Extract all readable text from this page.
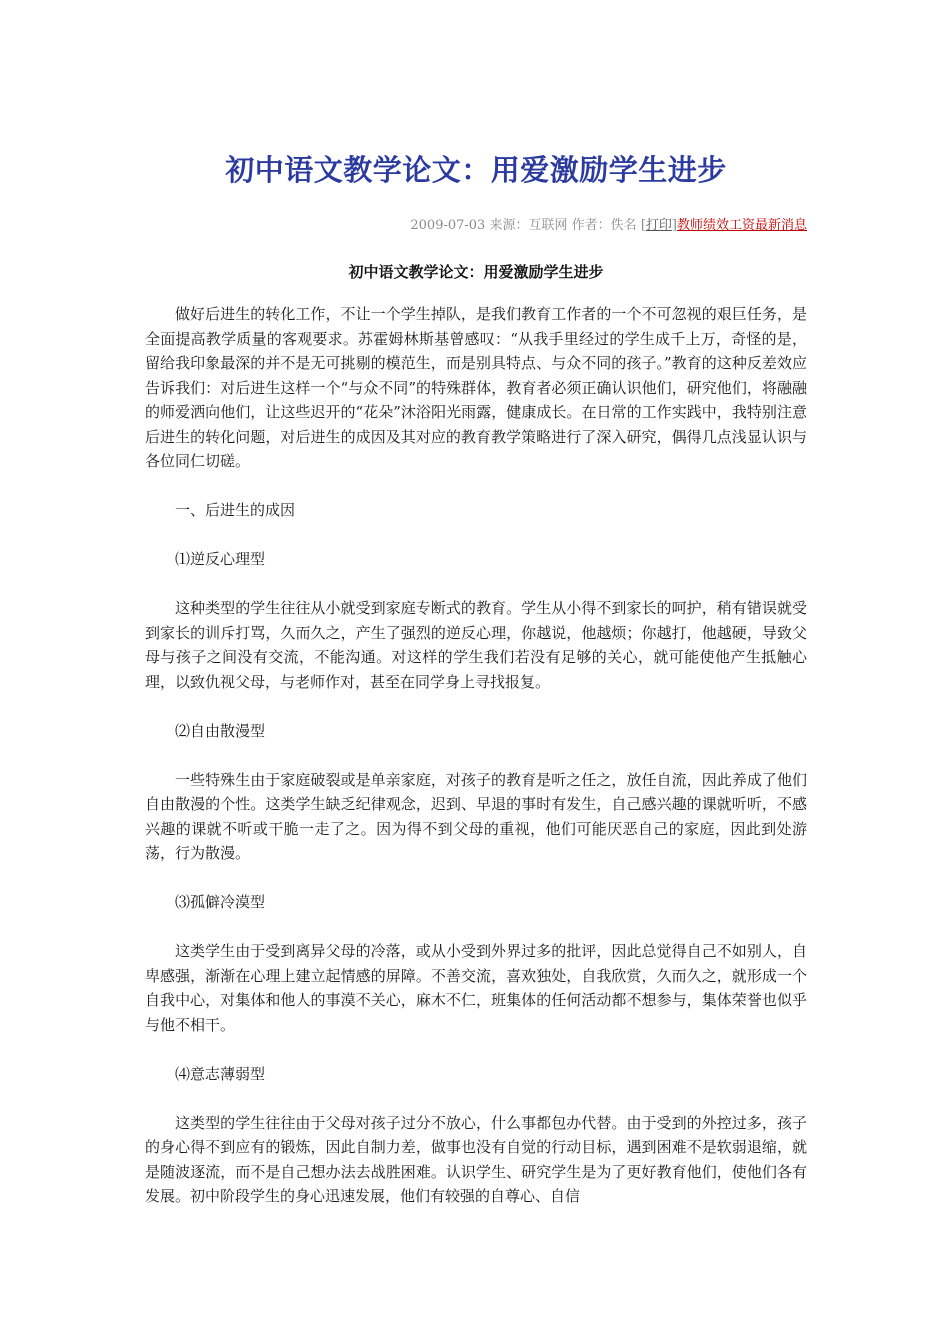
初中语文教学论文：用爱激励学生进步
2009-07-03 来源：互联网 作者：佚名 [打印]教师绩效工资最新消息
初中语文教学论文：用爱激励学生进步

做好后进生的转化工作，不让一个学生掉队，是我们教育工作者的一个不可忽视的艰巨任务，是全面提高教学质量的客观要求。苏霍姆林斯基曾感叹：“从我手里经过的学生成千上万，奇怪的是，留给我印象最深的并不是无可挑剔的模范生，而是别具特点、与众不同的孩子。”教育的这种反差效应告诉我们：对后进生这样一个“与众不同”的特殊群体，教育者必须正确认识他们，研究他们，将融融的师爱洒向他们，让这些迟开的“花朵”沐浴阳光雨露，健康成长。在日常的工作实践中，我特别注意后进生的转化问题，对后进生的成因及其对应的教育教学策略进行了深入研究，偶得几点浅显认识与各位同仁切磋。

一、后进生的成因

⑴逆反心理型

这种类型的学生往往从小就受到家庭专断式的教育。学生从小得不到家长的呵护，稍有错误就受到家长的训斥打骂，久而久之，产生了强烈的逆反心理，你越说，他越烦；你越打，他越硬，导致父母与孩子之间没有交流，不能沟通。对这样的学生我们若没有足够的关心，就可能使他产生抵触心理，以致仇视父母，与老师作对，甚至在同学身上寻找报复。

⑵自由散漫型

一些特殊生由于家庭破裂或是单亲家庭，对孩子的教育是听之任之，放任自流，因此养成了他们自由散漫的个性。这类学生缺乏纪律观念，迟到、早退的事时有发生，自己感兴趣的课就听听，不感兴趣的课就不听或干脆一走了之。因为得不到父母的重视，他们可能厌恶自己的家庭，因此到处游荡，行为散漫。

⑶孤僻冷漠型

这类学生由于受到离异父母的冷落，或从小受到外界过多的批评，因此总觉得自己不如别人，自卑感强，渐渐在心理上建立起情感的屏障。不善交流，喜欢独处，自我欣赏，久而久之，就形成一个自我中心，对集体和他人的事漠不关心，麻木不仁，班集体的任何活动都不想参与，集体荣誉也似乎与他不相干。

⑷意志薄弱型

这类型的学生往往由于父母对孩子过分不放心，什么事都包办代替。由于受到的外控过多，孩子的身心得不到应有的锻炼，因此自制力差，做事也没有自觉的行动目标，遇到困难不是软弱退缩，就是随波逐流，而不是自己想办法去战胜困难。认识学生、研究学生是为了更好教育他们，使他们各有发展。初中阶段学生的身心迅速发展，他们有较强的自尊心、自信
